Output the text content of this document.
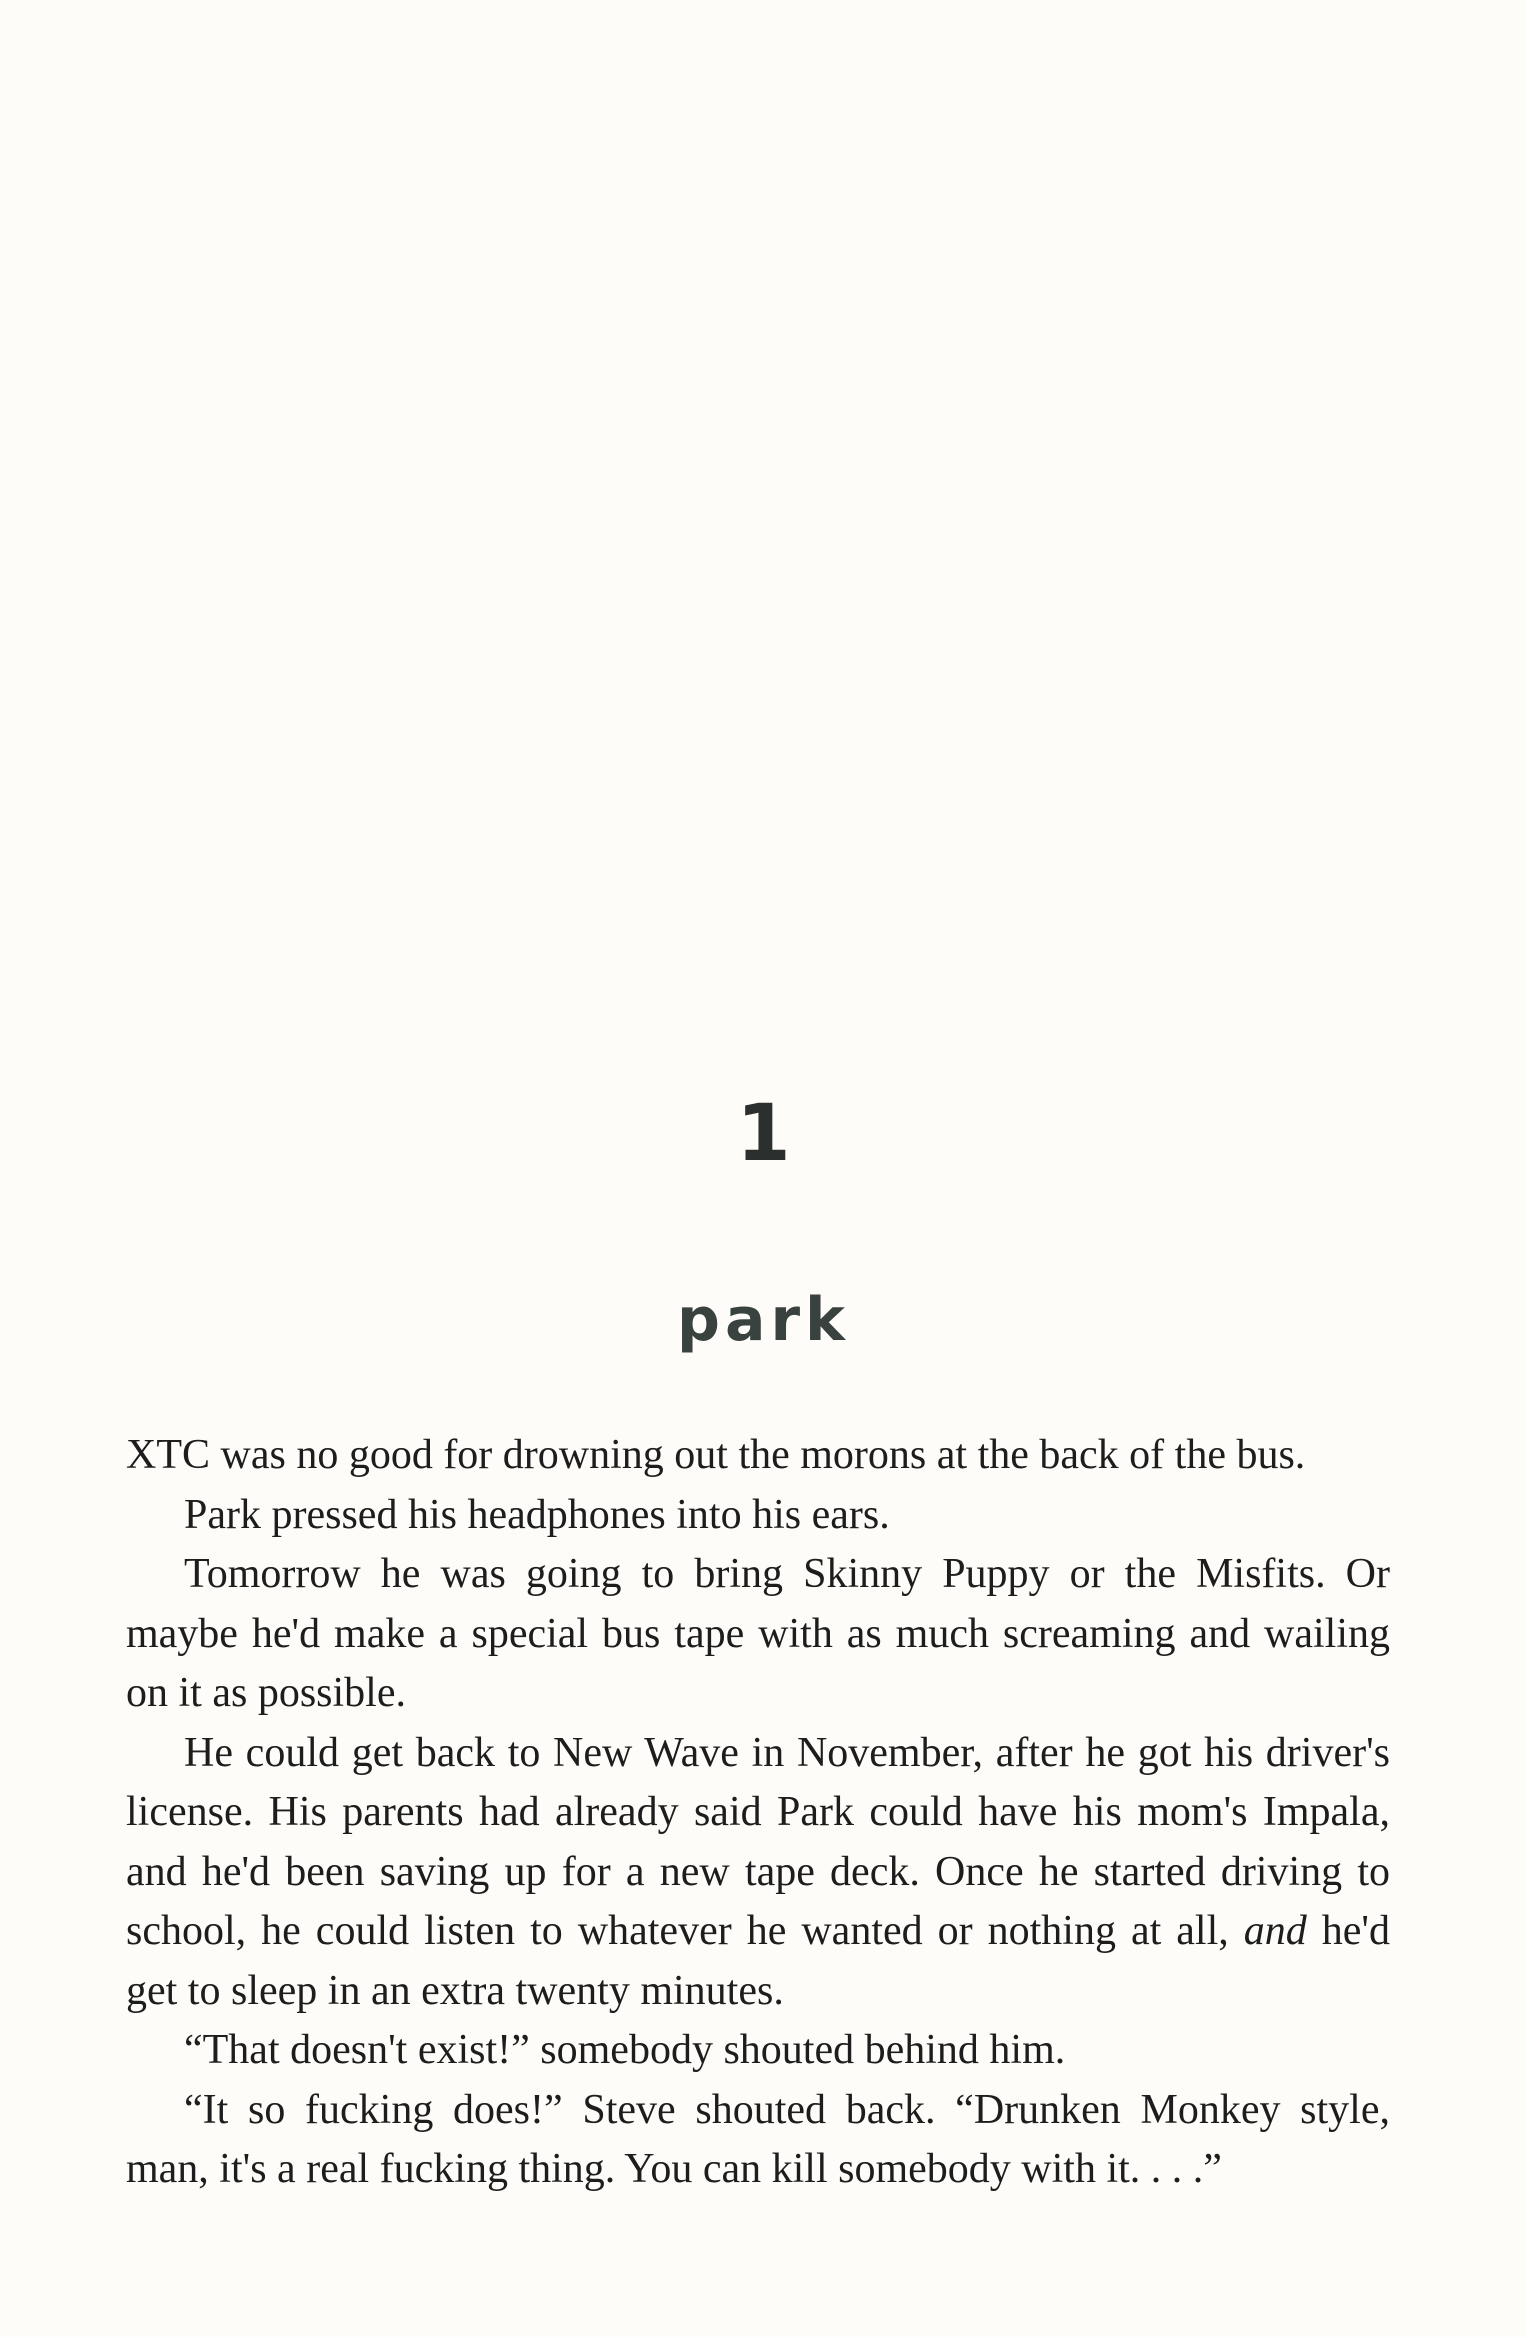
1
park

XTC was no good for drowning out the morons at the back of the bus.

Park pressed his headphones into his ears.

Tomorrow he was going to bring Skinny Puppy or the Misfits. Or maybe he'd make a special bus tape with as much screaming and wailing on it as possible.

He could get back to New Wave in November, after he got his driver's license. His parents had already said Park could have his mom's Impala, and he'd been saving up for a new tape deck. Once he started driving to school, he could listen to whatever he wanted or nothing at all, and he'd get to sleep in an extra twenty minutes.

“That doesn't exist!” somebody shouted behind him.

“It so fucking does!” Steve shouted back. “Drunken Monkey style, man, it's a real fucking thing. You can kill somebody with it. . . .”
